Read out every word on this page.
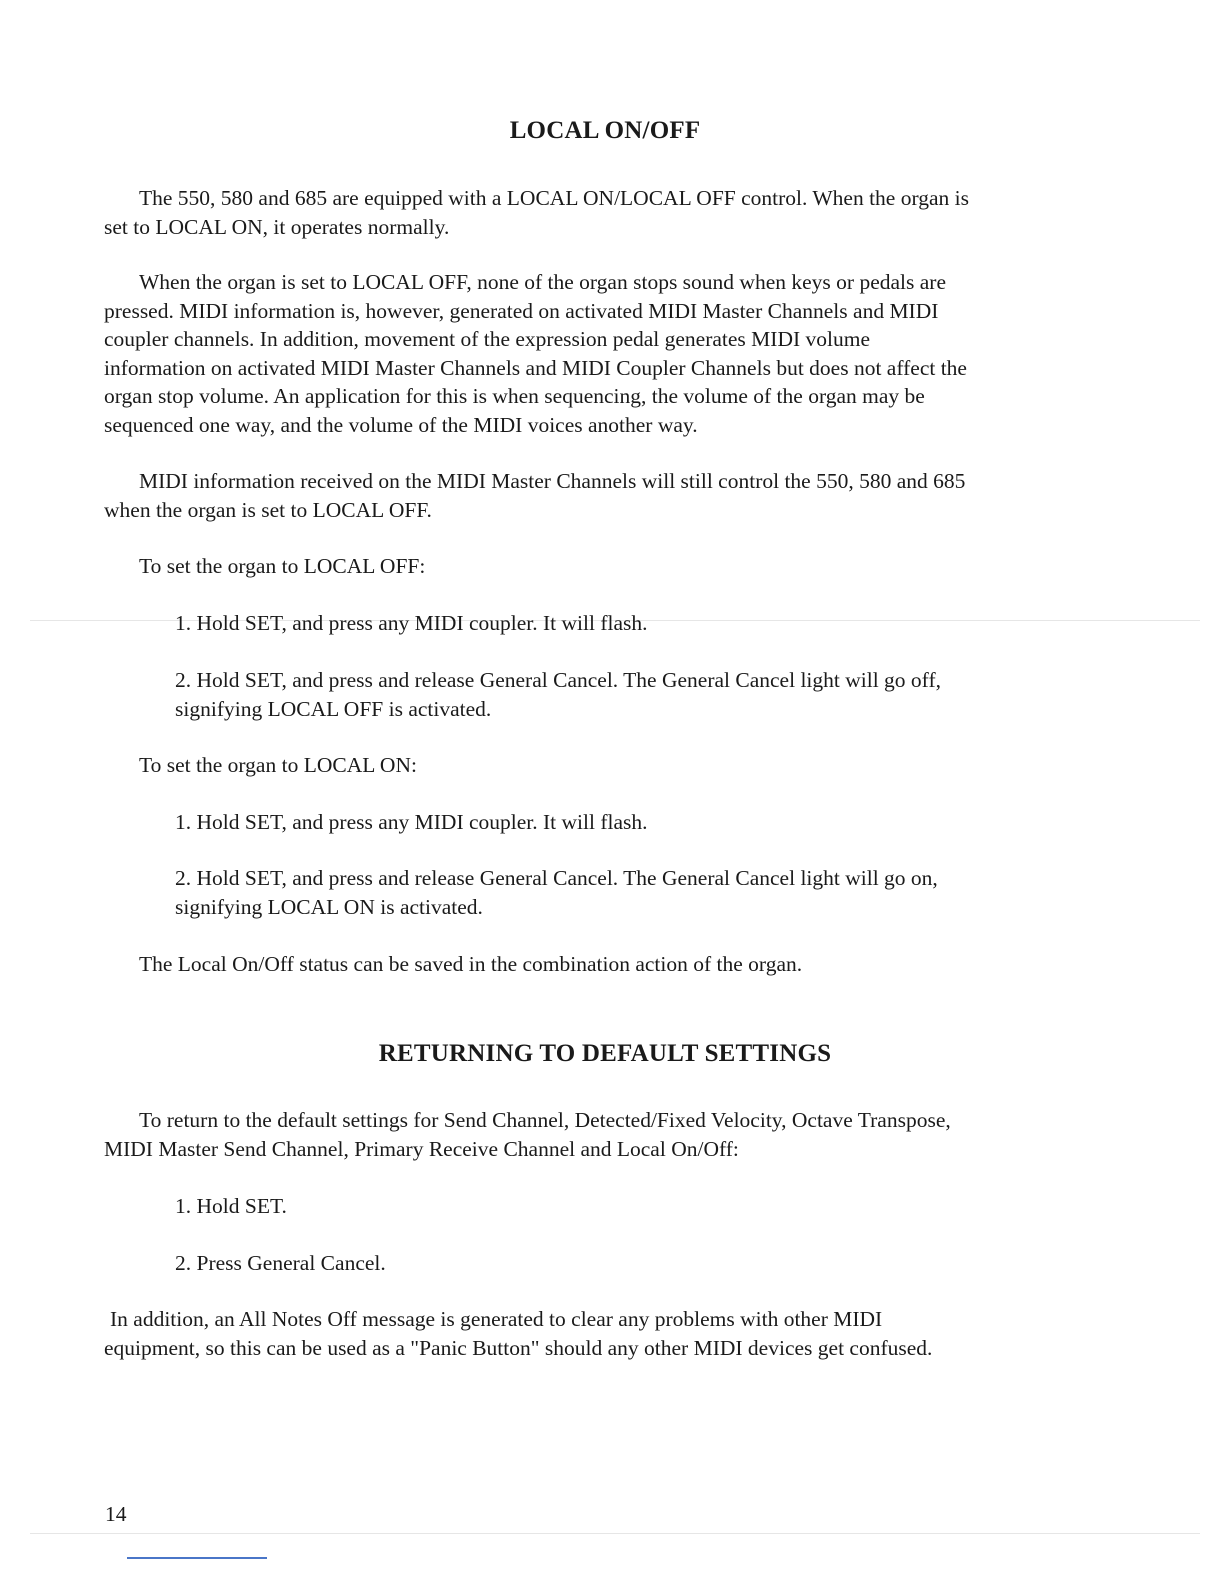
LOCAL ON/OFF

The 550, 580 and 685 are equipped with a LOCAL ON/LOCAL OFF control. When the organ is
set to LOCAL ON, it operates normally.

When the organ is set to LOCAL OFF, none of the organ stops sound when keys or pedals are
pressed. MIDI information is, however, generated on activated MIDI Master Channels and MIDI
coupler channels. In addition, movement of the expression pedal generates MIDI volume
information on activated MIDI Master Channels and MIDI Coupler Channels but does not affect the
organ stop volume. An application for this is when sequencing, the volume of the organ may be
sequenced one way, and the volume of the MIDI voices another way.

MIDI information received on the MIDI Master Channels will still control the 550, 580 and 685
when the organ is set to LOCAL OFF.

To set the organ to LOCAL OFF:

1. Hold SET, and press any MIDI coupler. It will flash.

2. Hold SET, and press and release General Cancel. The General Cancel light will go off,
signifying LOCAL OFF is activated.

To set the organ to LOCAL ON:

1. Hold SET, and press any MIDI coupler. It will flash.

2. Hold SET, and press and release General Cancel. The General Cancel light will go on,
signifying LOCAL ON is activated.

The Local On/Off status can be saved in the combination action of the organ.

RETURNING TO DEFAULT SETTINGS

To return to the default settings for Send Channel, Detected/Fixed Velocity, Octave Transpose,
MIDI Master Send Channel, Primary Receive Channel and Local On/Off:

1. Hold SET.

2. Press General Cancel.

In addition, an All Notes Off message is generated to clear any problems with other MIDI
equipment, so this can be used as a "Panic Button" should any other MIDI devices get confused.

14
